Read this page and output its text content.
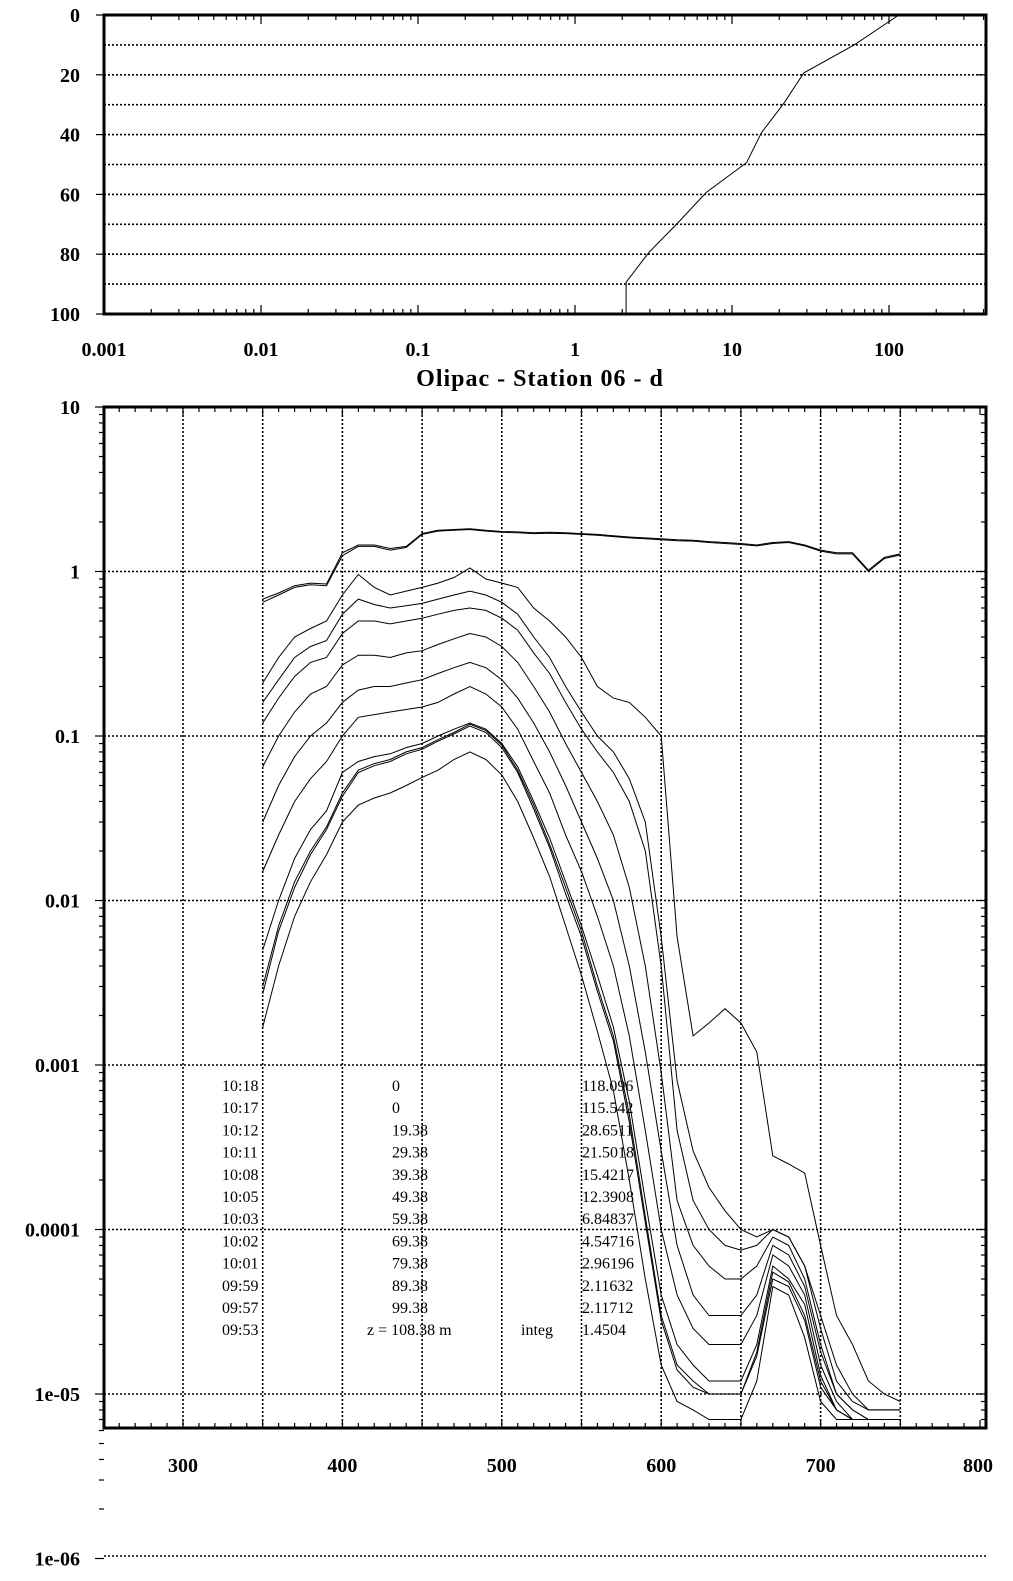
0
20
40
60
80
100
0.001	0.01	0.1	1	10	100
Olipac - Station 06 - d
10:18	0	118.096
10:17	0	115.542
10:12	19.38	28.6511
10:11	29.38	21.5018
10:08	39.38	15.4217
10:05	49.38	12.3908
10:03	59.38	6.84837
10:02	69.38	4.54716
10:01	79.38	2.96196
09:59	89.38	2.11632
09:57	99.38	2.11712
09:53	z = 108.38 m	integ 1.4504
10
1
0.1
0.01
0.001
0.0001
1e-05
1e-06
300	400	500	600	700	800
